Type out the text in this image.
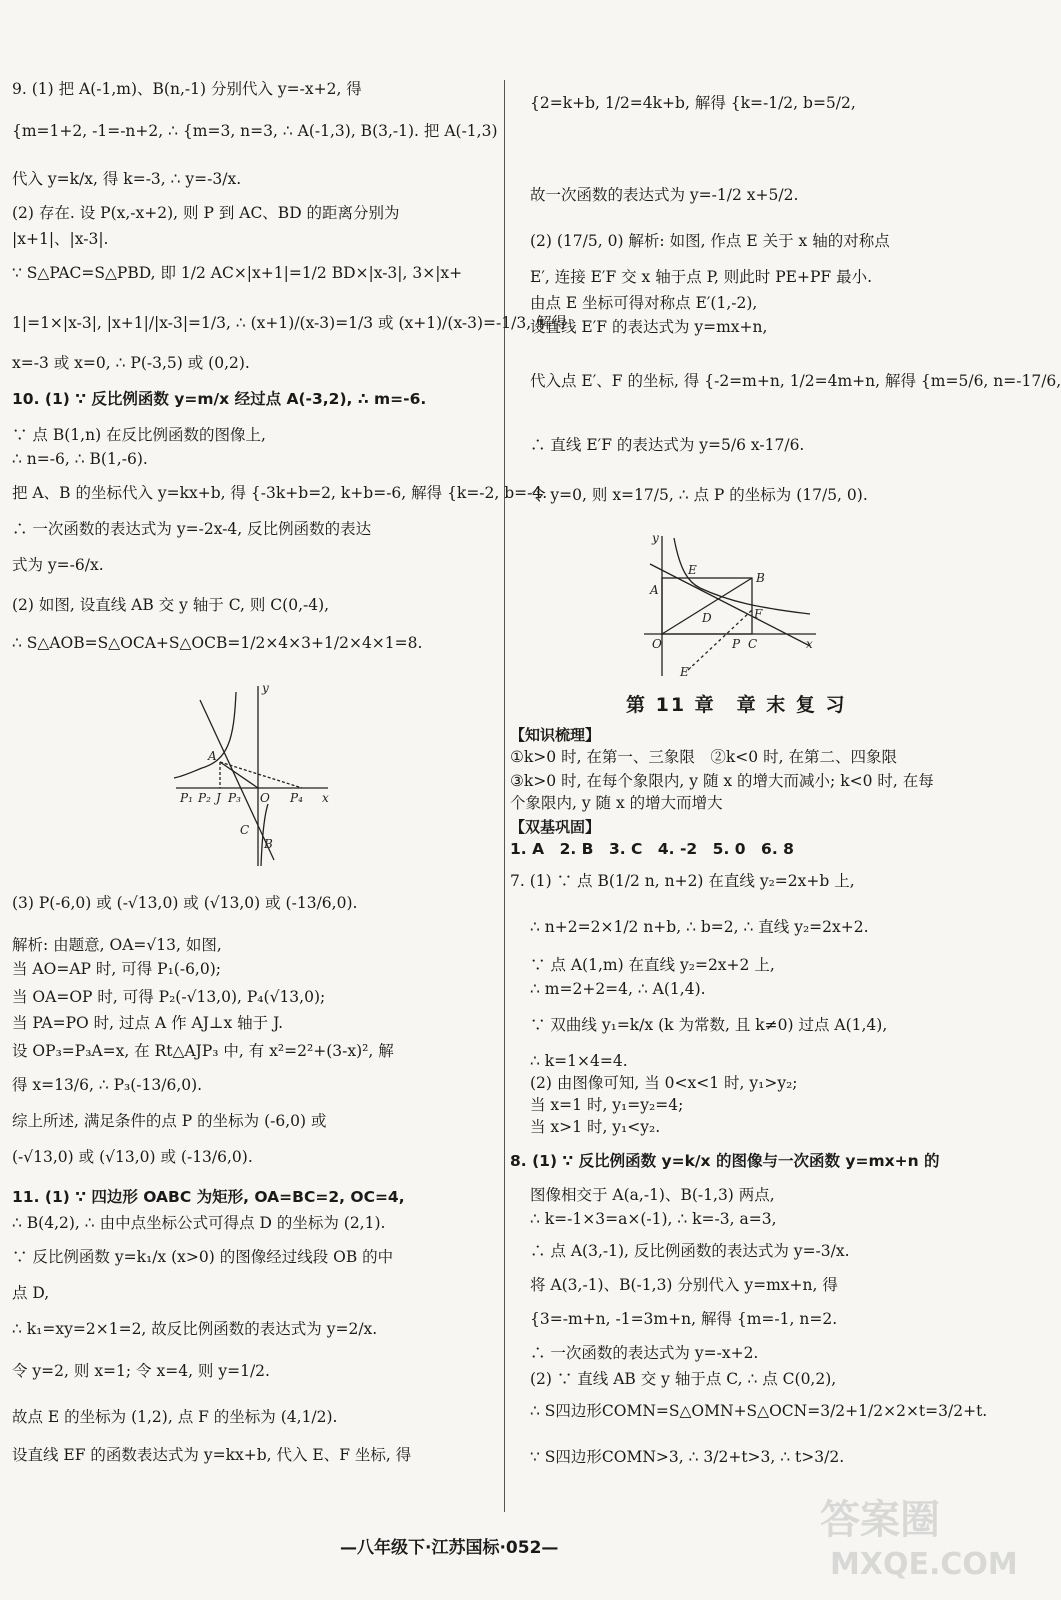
9. (1) 把 A(-1,m)、B(n,-1) 分别代入 y=-x+2, 得
{m=1+2, -1=-n+2, ∴ {m=3, n=3, ∴ A(-1,3), B(3,-1). 把 A(-1,3)
代入 y=k/x, 得 k=-3, ∴ y=-3/x.
(2) 存在. 设 P(x,-x+2), 则 P 到 AC、BD 的距离分别为
|x+1|、|x-3|.
∵ S△PAC=S△PBD, 即 1/2 AC×|x+1|=1/2 BD×|x-3|, 3×|x+
1|=1×|x-3|, |x+1|/|x-3|=1/3, ∴ (x+1)/(x-3)=1/3 或 (x+1)/(x-3)=-1/3, 解得
x=-3 或 x=0, ∴ P(-3,5) 或 (0,2).
10. (1) ∵ 反比例函数 y=m/x 经过点 A(-3,2), ∴ m=-6.
∵ 点 B(1,n) 在反比例函数的图像上,
∴ n=-6, ∴ B(1,-6).
把 A、B 的坐标代入 y=kx+b, 得 {-3k+b=2, k+b=-6, 解得 {k=-2, b=-4.
∴ 一次函数的表达式为 y=-2x-4, 反比例函数的表达
式为 y=-6/x.
(2) 如图, 设直线 AB 交 y 轴于 C, 则 C(0,-4),
∴ S△AOB=S△OCA+S△OCB=1/2×4×3+1/2×4×1=8.
(3) P(-6,0) 或 (-√13,0) 或 (√13,0) 或 (-13/6,0).
解析: 由题意, OA=√13, 如图,
当 AO=AP 时, 可得 P₁(-6,0);
当 OA=OP 时, 可得 P₂(-√13,0), P₄(√13,0);
当 PA=PO 时, 过点 A 作 AJ⊥x 轴于 J.
设 OP₃=P₃A=x, 在 Rt△AJP₃ 中, 有 x²=2²+(3-x)², 解
得 x=13/6, ∴ P₃(-13/6,0).
综上所述, 满足条件的点 P 的坐标为 (-6,0) 或
(-√13,0) 或 (√13,0) 或 (-13/6,0).
11. (1) ∵ 四边形 OABC 为矩形, OA=BC=2, OC=4,
∴ B(4,2), ∴ 由中点坐标公式可得点 D 的坐标为 (2,1).
∵ 反比例函数 y=k₁/x (x>0) 的图像经过线段 OB 的中
点 D,
∴ k₁=xy=2×1=2, 故反比例函数的表达式为 y=2/x.
令 y=2, 则 x=1; 令 x=4, 则 y=1/2.
故点 E 的坐标为 (1,2), 点 F 的坐标为 (4,1/2).
设直线 EF 的函数表达式为 y=kx+b, 代入 E、F 坐标, 得
y
A
P₁ P₂ J P₃ O P₄ x
C
B
{2=k+b, 1/2=4k+b, 解得 {k=-1/2, b=5/2,
故一次函数的表达式为 y=-1/2 x+5/2.
(2) (17/5, 0) 解析: 如图, 作点 E 关于 x 轴的对称点
E′, 连接 E′F 交 x 轴于点 P, 则此时 PE+PF 最小.
由点 E 坐标可得对称点 E′(1,-2),
设直线 E′F 的表达式为 y=mx+n,
代入点 E′、F 的坐标, 得 {-2=m+n, 1/2=4m+n, 解得 {m=5/6, n=-17/6,
∴ 直线 E′F 的表达式为 y=5/6 x-17/6.
令 y=0, 则 x=17/5, ∴ 点 P 的坐标为 (17/5, 0).
第 11 章　章 末 复 习
【知识梳理】
①k>0 时, 在第一、三象限　②k<0 时, 在第二、四象限
③k>0 时, 在每个象限内, y 随 x 的增大而减小; k<0 时, 在每
个象限内, y 随 x 的增大而增大
【双基巩固】
1. A　2. B　3. C　4. -2　5. 0　6. 8
7. (1) ∵ 点 B(1/2 n, n+2) 在直线 y₂=2x+b 上,
∴ n+2=2×1/2 n+b, ∴ b=2, ∴ 直线 y₂=2x+2.
∵ 点 A(1,m) 在直线 y₂=2x+2 上,
∴ m=2+2=4, ∴ A(1,4).
∵ 双曲线 y₁=k/x (k 为常数, 且 k≠0) 过点 A(1,4),
∴ k=1×4=4.
(2) 由图像可知, 当 0<x<1 时, y₁>y₂;
当 x=1 时, y₁=y₂=4;
当 x>1 时, y₁<y₂.
8. (1) ∵ 反比例函数 y=k/x 的图像与一次函数 y=mx+n 的
图像相交于 A(a,-1)、B(-1,3) 两点,
∴ k=-1×3=a×(-1), ∴ k=-3, a=3,
∴ 点 A(3,-1), 反比例函数的表达式为 y=-3/x.
将 A(3,-1)、B(-1,3) 分别代入 y=mx+n, 得
{3=-m+n, -1=3m+n, 解得 {m=-1, n=2.
∴ 一次函数的表达式为 y=-x+2.
(2) ∵ 直线 AB 交 y 轴于点 C, ∴ 点 C(0,2),
∴ S四边形COMN=S△OMN+S△OCN=3/2+1/2×2×t=3/2+t.
∵ S四边形COMN>3, ∴ 3/2+t>3, ∴ t>3/2.
y
E
B
A
D	F
O	P C	x
E′
—八年级下·江苏国标·052—
答案圈
MXQE.COM
